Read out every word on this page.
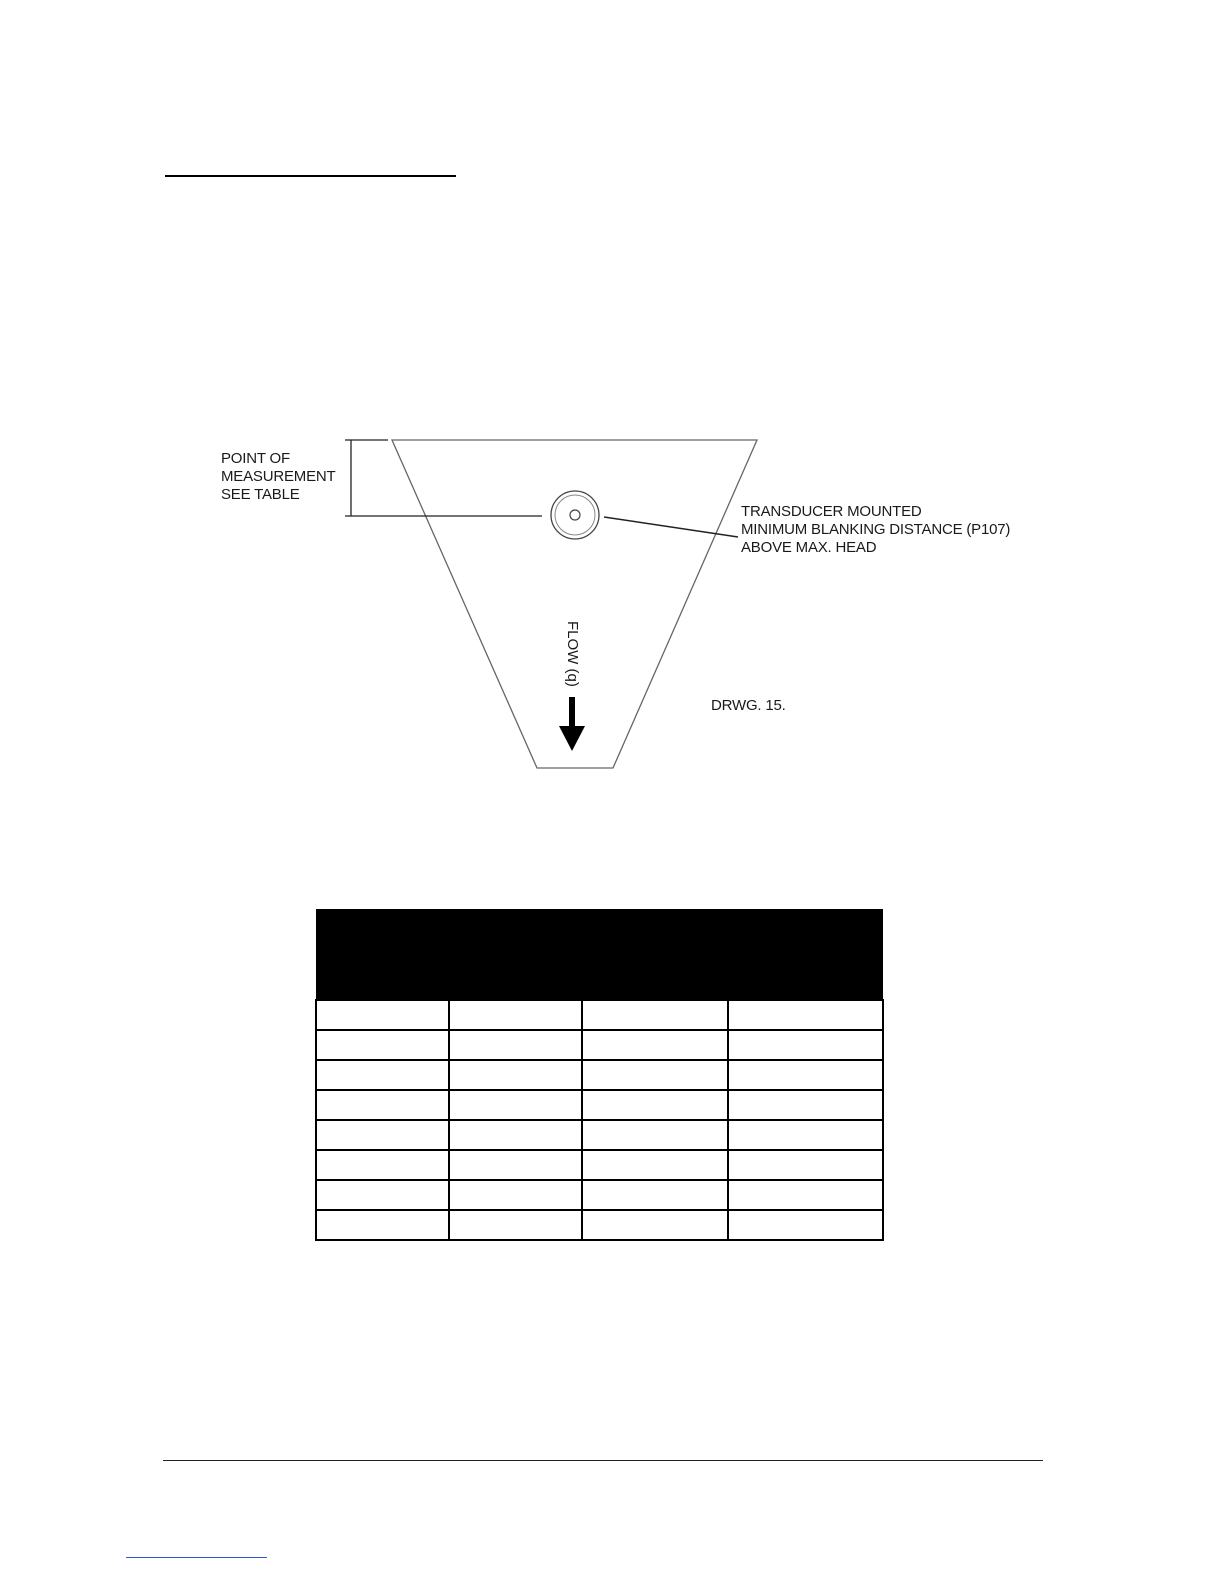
POINT OF
MEASUREMENT
SEE TABLE
TRANSDUCER MOUNTED
MINIMUM BLANKING DISTANCE (P107)
ABOVE MAX. HEAD
FLOW (q)
DRWG. 15.
